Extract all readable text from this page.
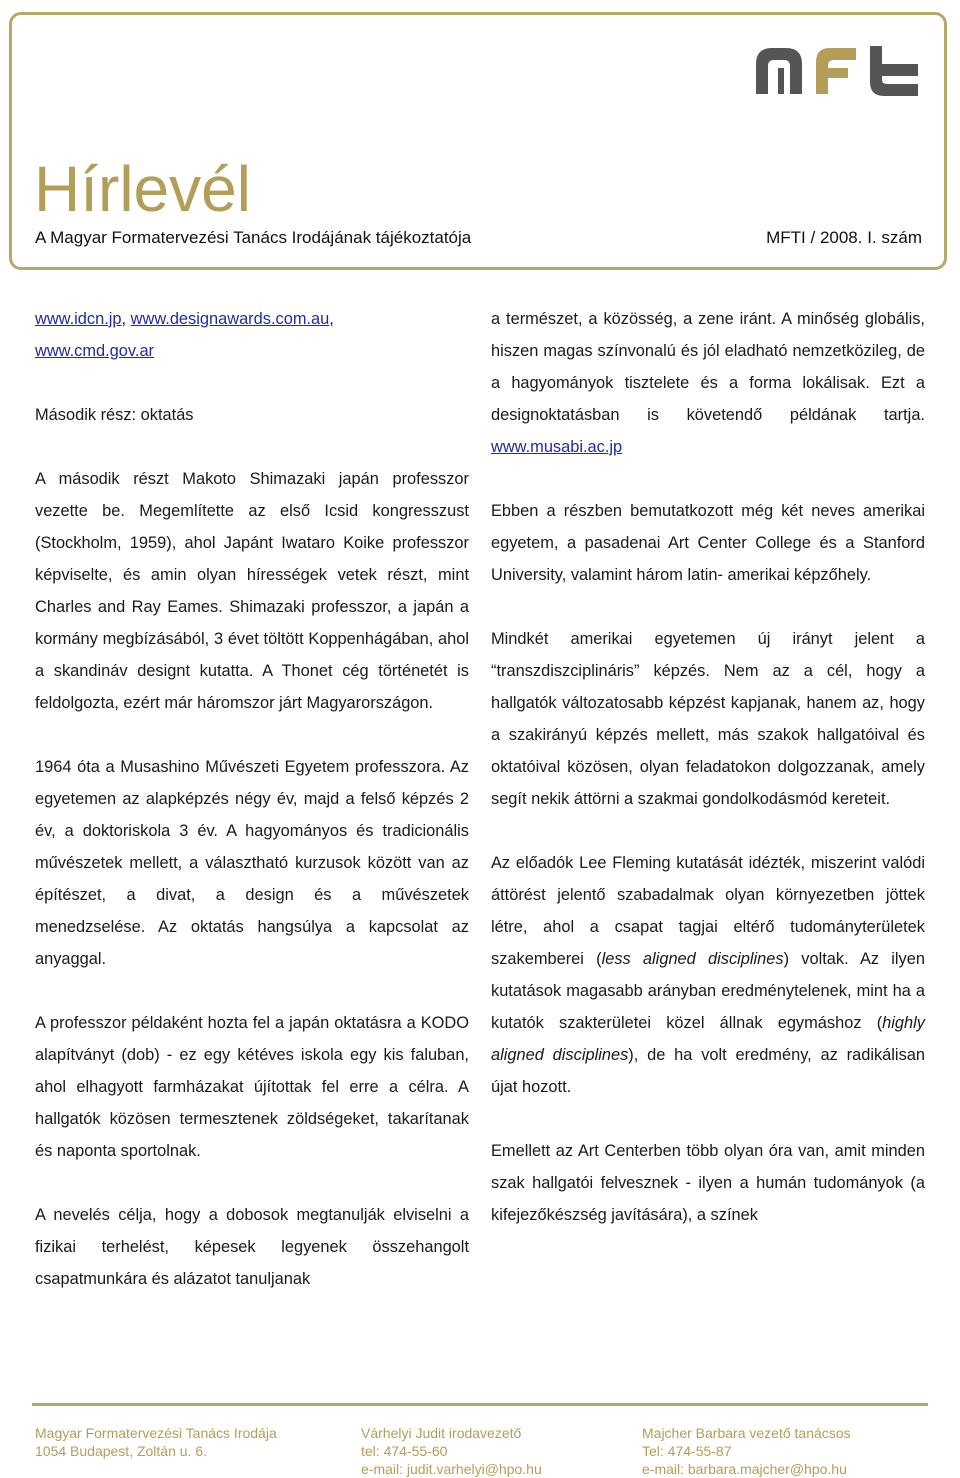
Hírlevél
A Magyar Formatervezési Tanács Irodájának tájékoztatója	MFTI / 2008. I. szám

www.idcn.jp, www.designawards.com.au,
www.cmd.gov.ar

Második rész: oktatás

A második részt Makoto Shimazaki japán professzor vezette be. Megemlítette az első Icsid kongresszust (Stockholm, 1959), ahol Japánt Iwataro Koike professzor képviselte, és amin olyan hírességek vetek részt, mint Charles and Ray Eames. Shimazaki professzor, a japán a kormány megbízásából, 3 évet töltött Koppenhágában, ahol a skandináv designt kutatta. A Thonet cég történetét is feldolgozta, ezért már háromszor járt Magyarországon.

1964 óta a Musashino Művészeti Egyetem professzora. Az egyetemen az alapképzés négy év, majd a felső képzés 2 év, a doktoriskola 3 év. A hagyományos és tradicionális művészetek mellett, a választható kurzusok között van az építészet, a divat, a design és a művészetek menedzselése. Az oktatás hangsúlya a kapcsolat az anyaggal.

A professzor példaként hozta fel a japán oktatásra a KODO alapítványt (dob) - ez egy kétéves iskola egy kis faluban, ahol elhagyott farmházakat újítottak fel erre a célra. A hallgatók közösen termesztenek zöldségeket, takarítanak és naponta sportolnak.

A nevelés célja, hogy a dobosok megtanulják elviselni a fizikai terhelést, képesek legyenek összehangolt csapatmunkára és alázatot tanuljanak

a természet, a közösség, a zene iránt. A minőség globális, hiszen magas színvonalú és jól eladható nemzetközileg, de a hagyományok tisztelete és a forma lokálisak. Ezt a designoktatásban is követendő példának tartja. www.musabi.ac.jp

Ebben a részben bemutatkozott még két neves amerikai egyetem, a pasadenai Art Center College és a Stanford University, valamint három latin- amerikai képzőhely.

Mindkét amerikai egyetemen új irányt jelent a “transzdiszciplináris” képzés. Nem az a cél, hogy a hallgatók változatosabb képzést kapjanak, hanem az, hogy a szakirányú képzés mellett, más szakok hallgatóival és oktatóival közösen, olyan feladatokon dolgozzanak, amely segít nekik áttörni a szakmai gondolkodásmód kereteit.

Az előadók Lee Fleming kutatását idézték, miszerint valódi áttörést jelentő szabadalmak olyan környezetben jöttek létre, ahol a csapat tagjai eltérő tudományterületek szakemberei (less aligned disciplines) voltak. Az ilyen kutatások magasabb arányban eredménytelenek, mint ha a kutatók szakterületei közel állnak egymáshoz (highly aligned disciplines), de ha volt eredmény, az radikálisan újat hozott.

Emellett az Art Centerben több olyan óra van, amit minden szak hallgatói felvesznek - ilyen a humán tudományok (a kifejezőkészség javítására), a színek

Magyar Formatervezési Tanács Irodája
1054 Budapest, Zoltán u. 6.
Várhelyi Judit irodavezető
tel: 474-55-60
e-mail: judit.varhelyi@hpo.hu
Majcher Barbara vezető tanácsos
Tel: 474-55-87
e-mail: barbara.majcher@hpo.hu
